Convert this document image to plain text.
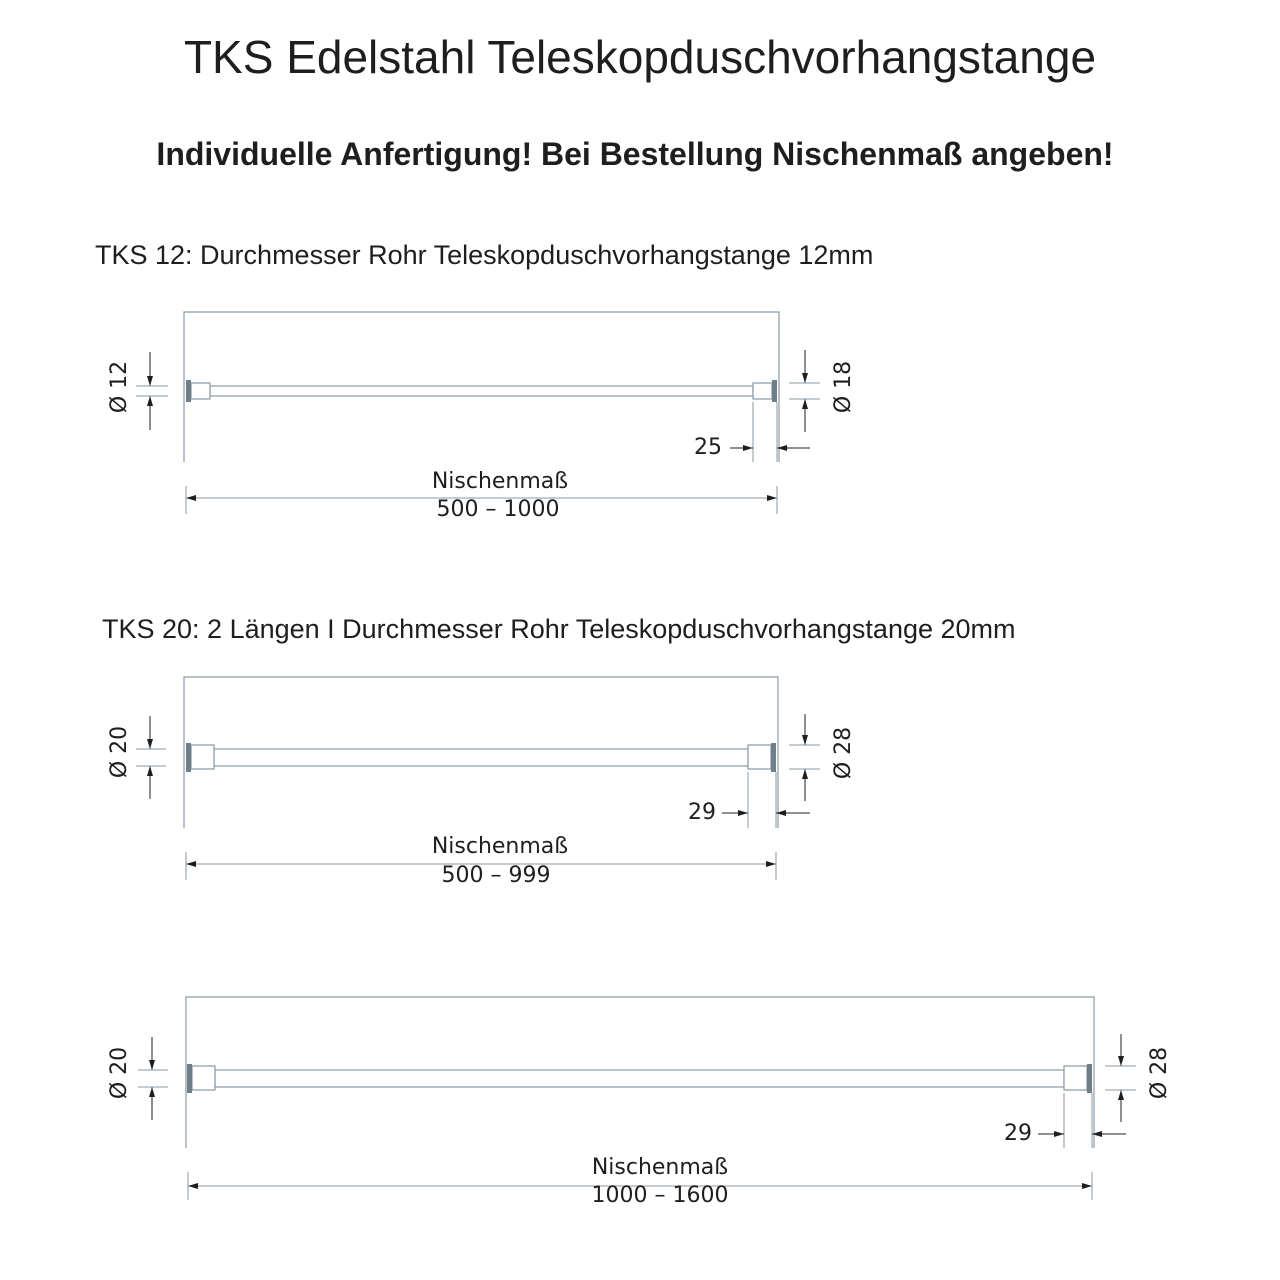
TKS Edelstahl Teleskopduschvorhangstange
Individuelle Anfertigung! Bei Bestellung Nischenmaß angeben!
TKS 12: Durchmesser Rohr Teleskopduschvorhangstange 12mm
TKS 20: 2 Längen I Durchmesser Rohr Teleskopduschvorhangstange 20mm
Ø 12	Ø 18
25
Nischenmaß
500 – 1000
Ø 20	Ø 28
29
Nischenmaß
500 – 999
Ø 20	Ø 28
29
Nischenmaß
1000 – 1600
